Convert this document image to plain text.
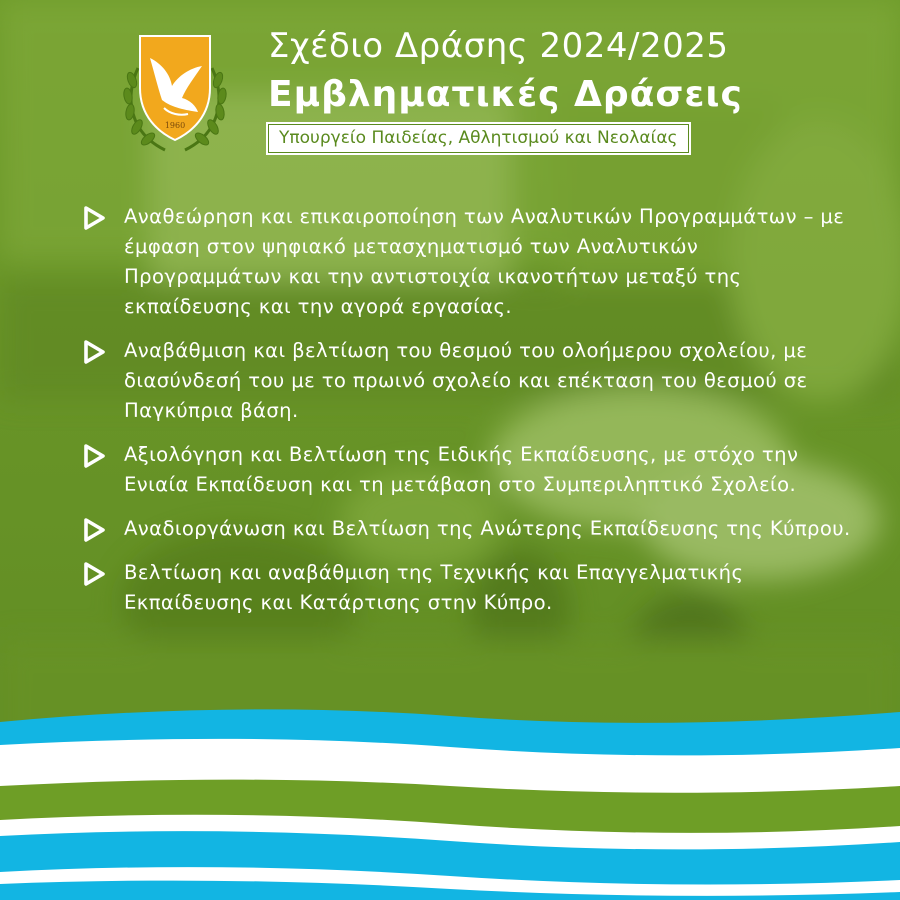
1960
Σχέδιο Δράσης 2024/2025
Εμβληματικές Δράσεις
Υπουργείο Παιδείας, Αθλητισμού και Νεολαίας
Αναθεώρηση και επικαιροποίηση των Αναλυτικών Προγραμμάτων – με έμφαση στον ψηφιακό μετασχηματισμό των Αναλυτικών Προγραμμάτων και την αντιστοιχία ικανοτήτων μεταξύ της εκπαίδευσης και την αγορά εργασίας.
Αναβάθμιση και βελτίωση του θεσμού του ολοήμερου σχολείου, με διασύνδεσή του με το πρωινό σχολείο και επέκταση του θεσμού σε Παγκύπρια βάση.
Αξιολόγηση και Βελτίωση της Ειδικής Εκπαίδευσης, με στόχο την Ενιαία Εκπαίδευση και τη μετάβαση στο Συμπεριληπτικό Σχολείο.
Αναδιοργάνωση και Βελτίωση της Ανώτερης Εκπαίδευσης της Κύπρου.
Βελτίωση και αναβάθμιση της Τεχνικής και Επαγγελματικής Εκπαίδευσης και Κατάρτισης στην Κύπρο.
